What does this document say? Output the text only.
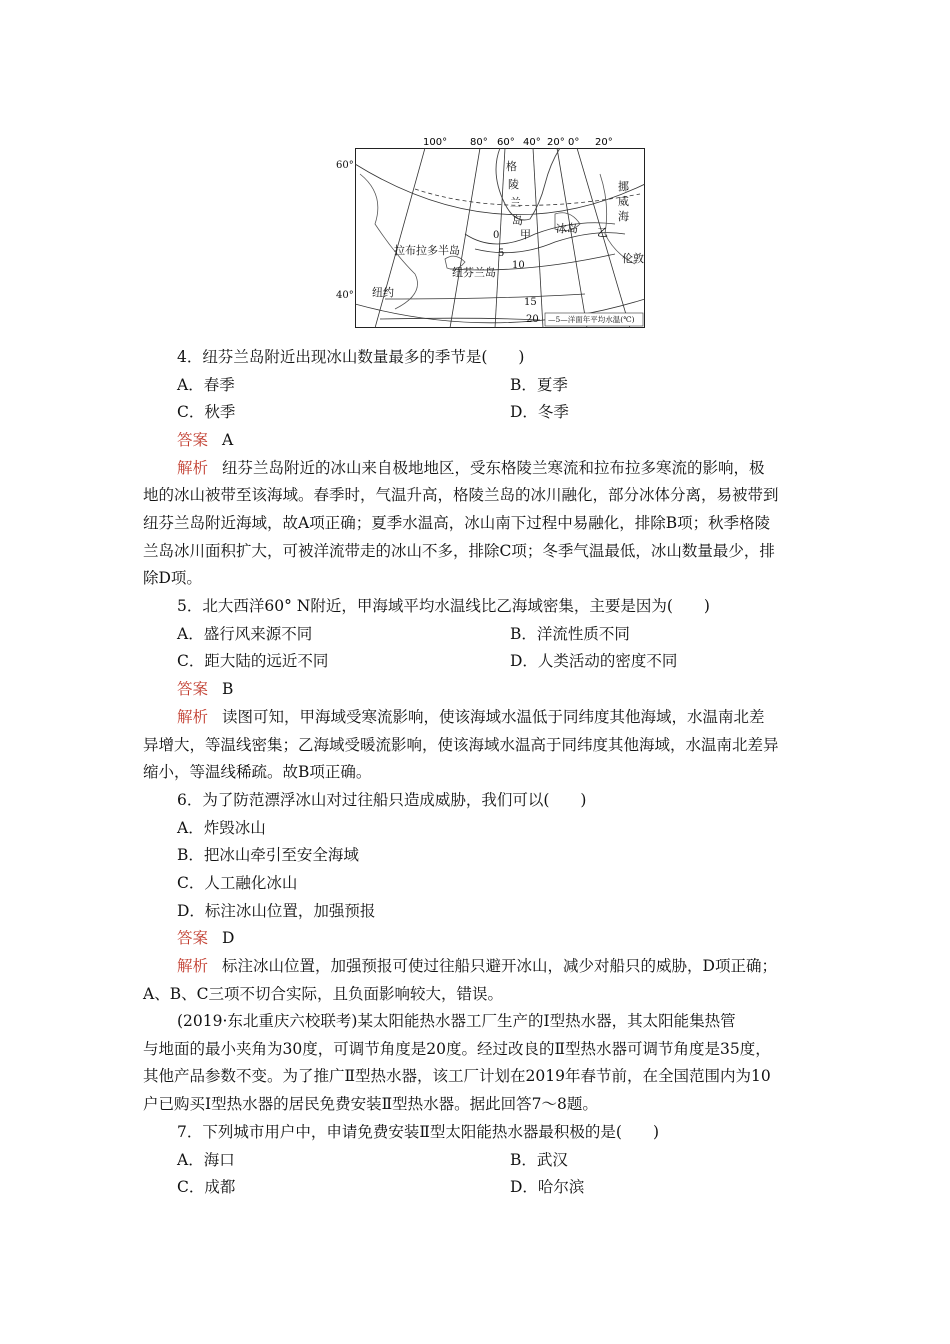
100° 80° 60° 40° 20° 0° 20°
60°
40°
格
陵
兰
岛
挪
威
海
拉布拉多半岛
纽芬兰岛
冰岛
甲	乙
伦敦
纽约
0
5
10
15
20 —5—洋面年平均水温(℃)
4．纽芬兰岛附近出现冰山数量最多的季节是(　　)
A．春季	B．夏季
C．秋季	D．冬季
答案 A
解析 纽芬兰岛附近的冰山来自极地地区，受东格陵兰寒流和拉布拉多寒流的影响，极
地的冰山被带至该海域。春季时，气温升高，格陵兰岛的冰川融化，部分冰体分离，易被带到
纽芬兰岛附近海域，故A项正确；夏季水温高，冰山南下过程中易融化，排除B项；秋季格陵
兰岛冰川面积扩大，可被洋流带走的冰山不多，排除C项；冬季气温最低，冰山数量最少，排
除D项。
5．北大西洋60° N附近，甲海域平均水温线比乙海域密集，主要是因为(　　)
A．盛行风来源不同	B．洋流性质不同
C．距大陆的远近不同	D．人类活动的密度不同
答案 B
解析 读图可知，甲海域受寒流影响，使该海域水温低于同纬度其他海域，水温南北差
异增大，等温线密集；乙海域受暖流影响，使该海域水温高于同纬度其他海域，水温南北差异
缩小，等温线稀疏。故B项正确。
6．为了防范漂浮冰山对过往船只造成威胁，我们可以(　　)
A．炸毁冰山
B．把冰山牵引至安全海域
C．人工融化冰山
D．标注冰山位置，加强预报
答案 D
解析 标注冰山位置，加强预报可使过往船只避开冰山，减少对船只的威胁，D项正确；
A、B、C三项不切合实际，且负面影响较大，错误。
(2019·东北重庆六校联考)某太阳能热水器工厂生产的Ⅰ型热水器，其太阳能集热管
与地面的最小夹角为30度，可调节角度是20度。经过改良的Ⅱ型热水器可调节角度是35度，
其他产品参数不变。为了推广Ⅱ型热水器，该工厂计划在2019年春节前，在全国范围内为10
户已购买Ⅰ型热水器的居民免费安装Ⅱ型热水器。据此回答7～8题。
7．下列城市用户中，申请免费安装Ⅱ型太阳能热水器最积极的是(　　)
A．海口	B．武汉
C．成都	D．哈尔滨
